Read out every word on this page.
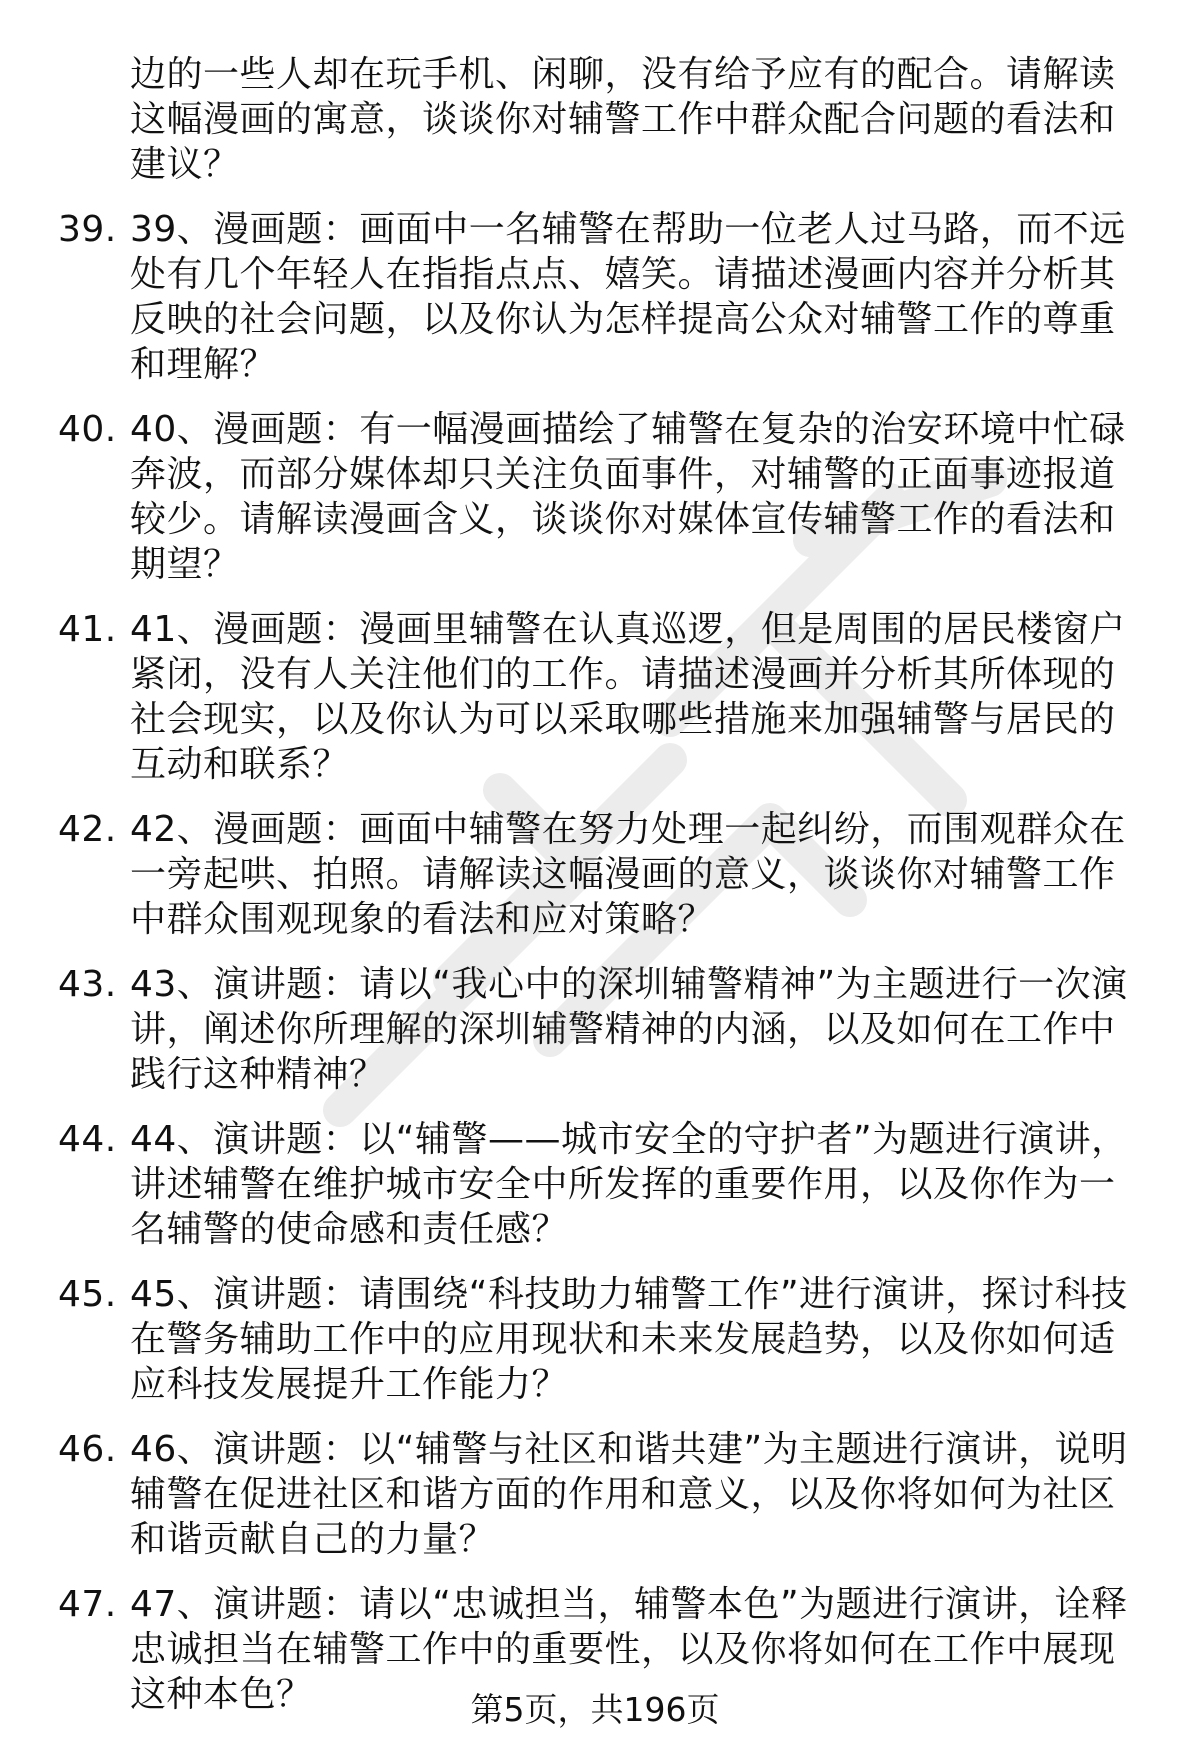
边的一些人却在玩手机、闲聊，没有给予应有的配合。请解读这幅漫画的寓意，谈谈你对辅警工作中群众配合问题的看法和建议？
39. 39、漫画题：画面中一名辅警在帮助一位老人过马路，而不远处有几个年轻人在指指点点、嬉笑。请描述漫画内容并分析其反映的社会问题，以及你认为怎样提高公众对辅警工作的尊重和理解？
40. 40、漫画题：有一幅漫画描绘了辅警在复杂的治安环境中忙碌奔波，而部分媒体却只关注负面事件，对辅警的正面事迹报道较少。请解读漫画含义，谈谈你对媒体宣传辅警工作的看法和期望？
41. 41、漫画题：漫画里辅警在认真巡逻，但是周围的居民楼窗户紧闭，没有人关注他们的工作。请描述漫画并分析其所体现的社会现实，以及你认为可以采取哪些措施来加强辅警与居民的互动和联系？
42. 42、漫画题：画面中辅警在努力处理一起纠纷，而围观群众在一旁起哄、拍照。请解读这幅漫画的意义，谈谈你对辅警工作中群众围观现象的看法和应对策略？
43. 43、演讲题：请以“我心中的深圳辅警精神”为主题进行一次演讲，阐述你所理解的深圳辅警精神的内涵，以及如何在工作中践行这种精神？
44. 44、演讲题：以“辅警——城市安全的守护者”为题进行演讲，讲述辅警在维护城市安全中所发挥的重要作用，以及你作为一名辅警的使命感和责任感？
45. 45、演讲题：请围绕“科技助力辅警工作”进行演讲，探讨科技在警务辅助工作中的应用现状和未来发展趋势，以及你如何适应科技发展提升工作能力？
46. 46、演讲题：以“辅警与社区和谐共建”为主题进行演讲，说明辅警在促进社区和谐方面的作用和意义，以及你将如何为社区和谐贡献自己的力量？
47. 47、演讲题：请以“忠诚担当，辅警本色”为题进行演讲，诠释忠诚担当在辅警工作中的重要性，以及你将如何在工作中展现这种本色？	第5页，共196页
